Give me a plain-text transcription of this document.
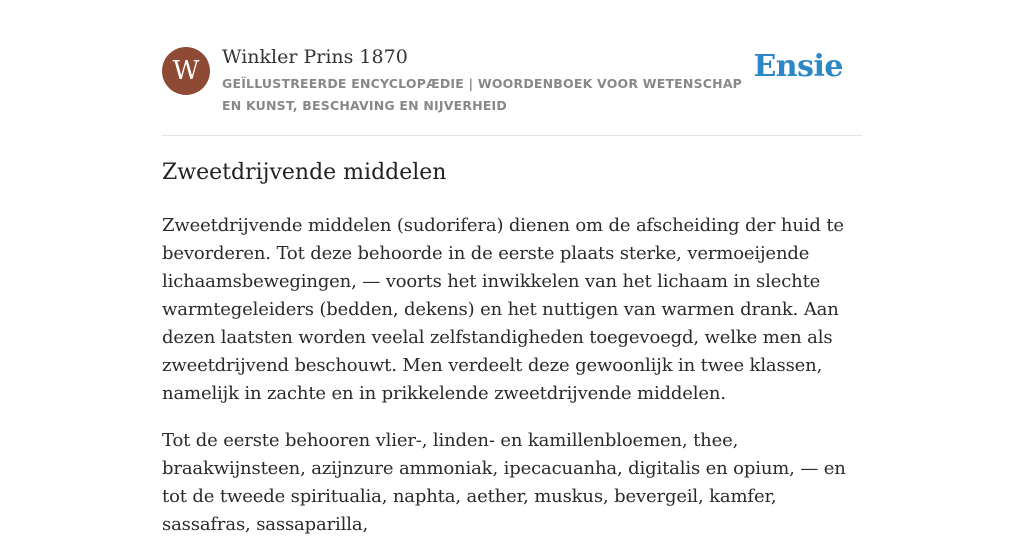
W	Winkler Prins 1870
GEÏLLUSTREERDE ENCYCLOPÆDIE | WOORDENBOEK VOOR WETENSCHAP EN KUNST, BESCHAVING EN NIJVERHEID
Ensie
Zweetdrijvende middelen

Zweetdrijvende middelen (sudorifera) dienen om de afscheiding der huid te bevorderen. Tot deze behoorde in de eerste plaats sterke, vermoeijende lichaamsbewegingen, — voorts het inwikkelen van het lichaam in slechte warmtegeleiders (bedden, dekens) en het nuttigen van warmen drank. Aan dezen laatsten worden veelal zelfstandigheden toegevoegd, welke men als zweetdrijvend beschouwt. Men verdeelt deze gewoonlijk in twee klassen, namelijk in zachte en in prikkelende zweetdrijvende middelen.

Tot de eerste behooren vlier-, linden- en kamillenbloemen, thee, braakwijnsteen, azijnzure ammoniak, ipecacuanha, digitalis en opium, — en tot de tweede spiritualia, naphta, aether, muskus, bevergeil, kamfer, sassafras, sassaparilla,
